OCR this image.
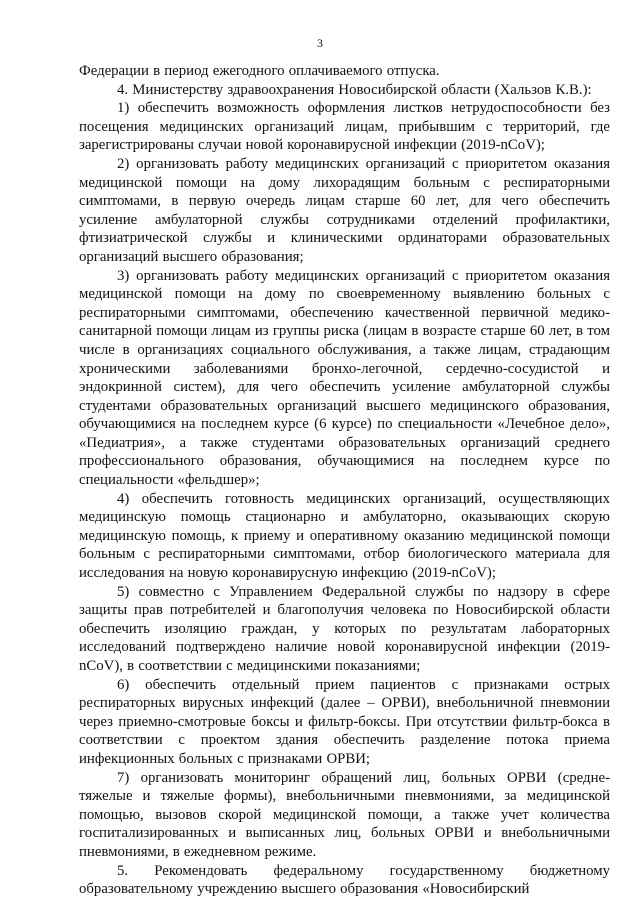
3

Федерации в период ежегодного оплачиваемого отпуска.

4. Министерству здравоохранения Новосибирской области (Хальзов К.В.):

1) обеспечить возможность оформления листков нетрудоспособности без посещения медицинских организаций лицам, прибывшим с территорий, где зарегистрированы случаи новой коронавирусной инфекции (2019-nCoV);

2) организовать работу медицинских организаций с приоритетом оказания медицинской помощи на дому лихорадящим больным с респираторными симптомами, в первую очередь лицам старше 60 лет, для чего обеспечить усиление амбулаторной службы сотрудниками отделений профилактики, фтизиатрической службы и клиническими ординаторами образовательных организаций высшего образования;

3) организовать работу медицинских организаций с приоритетом оказания медицинской помощи на дому по своевременному выявлению больных с респираторными симптомами, обеспечению качественной первичной медико-санитарной помощи лицам из группы риска (лицам в возрасте старше 60 лет, в том числе в организациях социального обслуживания, а также лицам, страдающим хроническими заболеваниями бронхо-легочной, сердечно-сосудистой и эндокринной систем), для чего обеспечить усиление амбулаторной службы студентами образовательных организаций высшего медицинского образования, обучающимися на последнем курсе (6 курсе) по специальности «Лечебное дело», «Педиатрия», а также студентами образовательных организаций среднего профессионального образования, обучающимися на последнем курсе по специальности «фельдшер»;

4) обеспечить готовность медицинских организаций, осуществляющих медицинскую помощь стационарно и амбулаторно, оказывающих скорую медицинскую помощь, к приему и оперативному оказанию медицинской помощи больным с респираторными симптомами, отбор биологического материала для исследования на новую коронавирусную инфекцию (2019-nCoV);

5) совместно с Управлением Федеральной службы по надзору в сфере защиты прав потребителей и благополучия человека по Новосибирской области обеспечить изоляцию граждан, у которых по результатам лабораторных исследований подтверждено наличие новой коронавирусной инфекции (2019-nCoV), в соответствии с медицинскими показаниями;

6) обеспечить отдельный прием пациентов с признаками острых респираторных вирусных инфекций (далее – ОРВИ), внебольничной пневмонии через приемно-смотровые боксы и фильтр-боксы. При отсутствии фильтр-бокса в соответствии с проектом здания обеспечить разделение потока приема инфекционных больных с признаками ОРВИ;

7) организовать мониторинг обращений лиц, больных ОРВИ (средне-тяжелые и тяжелые формы), внебольничными пневмониями, за медицинской помощью, вызовов скорой медицинской помощи, а также учет количества госпитализированных и выписанных лиц, больных ОРВИ и внебольничными пневмониями, в ежедневном режиме.

5. Рекомендовать федеральному государственному бюджетному образовательному учреждению высшего образования «Новосибирский
